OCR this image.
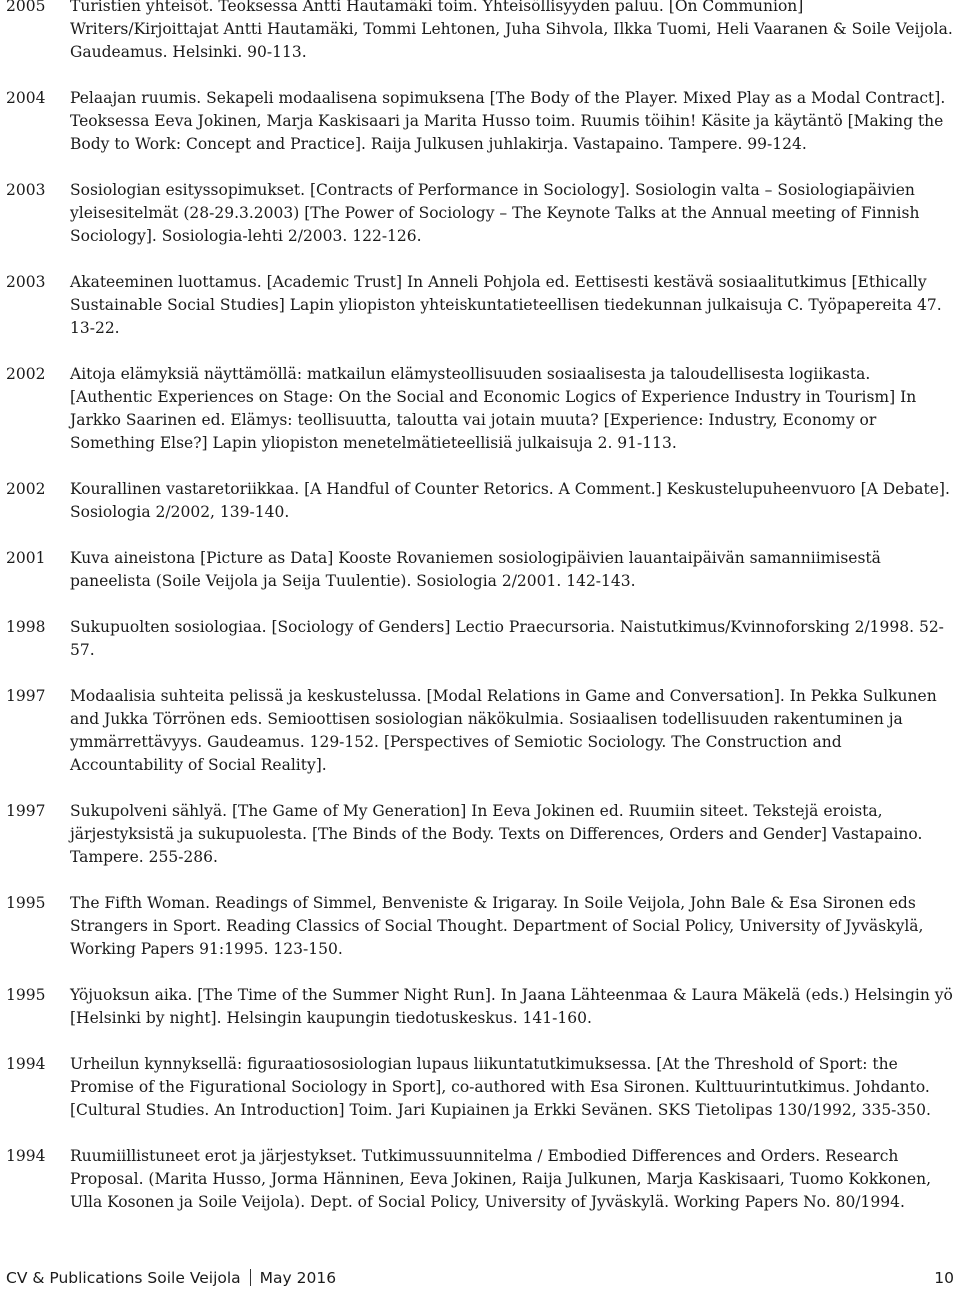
2005	Turistien yhteisöt. Teoksessa Antti Hautamäki toim. Yhteisöllisyyden paluu. [On Communion] Writers/Kirjoittajat Antti Hautamäki, Tommi Lehtonen, Juha Sihvola, Ilkka Tuomi, Heli Vaaranen & Soile Veijola. Gaudeamus. Helsinki. 90-113.
2004	Pelaajan ruumis. Sekapeli modaalisena sopimuksena [The Body of the Player. Mixed Play as a Modal Contract]. Teoksessa Eeva Jokinen, Marja Kaskisaari ja Marita Husso toim. Ruumis töihin! Käsite ja käytäntö [Making the Body to Work: Concept and Practice]. Raija Julkusen juhlakirja. Vastapaino. Tampere. 99-124.
2003	Sosiologian esityssopimukset. [Contracts of Performance in Sociology]. Sosiologin valta – Sosiologiapäivien yleisesitelmät (28-29.3.2003) [The Power of Sociology – The Keynote Talks at the Annual meeting of Finnish Sociology]. Sosiologia-lehti 2/2003. 122-126.
2003	Akateeminen luottamus. [Academic Trust] In Anneli Pohjola ed. Eettisesti kestävä sosiaalitutkimus [Ethically Sustainable Social Studies] Lapin yliopiston yhteiskuntatieteellisen tiedekunnan julkaisuja C. Työpapereita 47. 13-22.
2002	Aitoja elämyksiä näyttämöllä: matkailun elämysteollisuuden sosiaalisesta ja taloudellisesta logiikasta. [Authentic Experiences on Stage: On the Social and Economic Logics of Experience Industry in Tourism] In Jarkko Saarinen ed. Elämys: teollisuutta, taloutta vai jotain muuta? [Experience: Industry, Economy or Something Else?] Lapin yliopiston menetelmätieteellisiä julkaisuja 2. 91-113.
2002	Kourallinen vastaretoriikkaa. [A Handful of Counter Retorics. A Comment.] Keskustelupuheenvuoro [A Debate]. Sosiologia 2/2002, 139-140.
2001	Kuva aineistona [Picture as Data] Kooste Rovaniemen sosiologipäivien lauantaipäivän samanniimisestä paneelista (Soile Veijola ja Seija Tuulentie). Sosiologia 2/2001. 142-143.
1998	Sukupuolten sosiologiaa. [Sociology of Genders] Lectio Praecursoria. Naistutkimus/Kvinnoforsking 2/1998. 52-57.
1997	Modaalisia suhteita pelissä ja keskustelussa. [Modal Relations in Game and Conversation]. In Pekka Sulkunen and Jukka Törrönen eds. Semioottisen sosiologian näkökulmia. Sosiaalisen todellisuuden rakentuminen ja ymmärrettävyys. Gaudeamus. 129-152. [Perspectives of Semiotic Sociology. The Construction and Accountability of Social Reality].
1997	Sukupolveni sählyä. [The Game of My Generation] In Eeva Jokinen ed. Ruumiin siteet. Tekstejä eroista, järjestyksistä ja sukupuolesta. [The Binds of the Body. Texts on Differences, Orders and Gender] Vastapaino. Tampere. 255-286.
1995	The Fifth Woman. Readings of Simmel, Benveniste & Irigaray. In Soile Veijola, John Bale & Esa Sironen eds Strangers in Sport. Reading Classics of Social Thought. Department of Social Policy, University of Jyväskylä, Working Papers 91:1995. 123-150.
1995	Yöjuoksun aika. [The Time of the Summer Night Run]. In Jaana Lähteenmaa & Laura Mäkelä (eds.) Helsingin yö [Helsinki by night]. Helsingin kaupungin tiedotuskeskus. 141-160.
1994	Urheilun kynnyksellä: figuraatiososiologian lupaus liikuntatutkimuksessa. [At the Threshold of Sport: the Promise of the Figurational Sociology in Sport], co-authored with Esa Sironen. Kulttuurintutkimus. Johdanto. [Cultural Studies. An Introduction] Toim. Jari Kupiainen ja Erkki Sevänen. SKS Tietolipas 130/1992, 335-350.
1994	Ruumiillistuneet erot ja järjestykset. Tutkimussuunnitelma / Embodied Differences and Orders. Research Proposal. (Marita Husso, Jorma Hänninen, Eeva Jokinen, Raija Julkunen, Marja Kaskisaari, Tuomo Kokkonen, Ulla Kosonen ja Soile Veijola). Dept. of Social Policy, University of Jyväskylä. Working Papers No. 80/1994.
CV & Publications Soile Veijola May 2016	10
